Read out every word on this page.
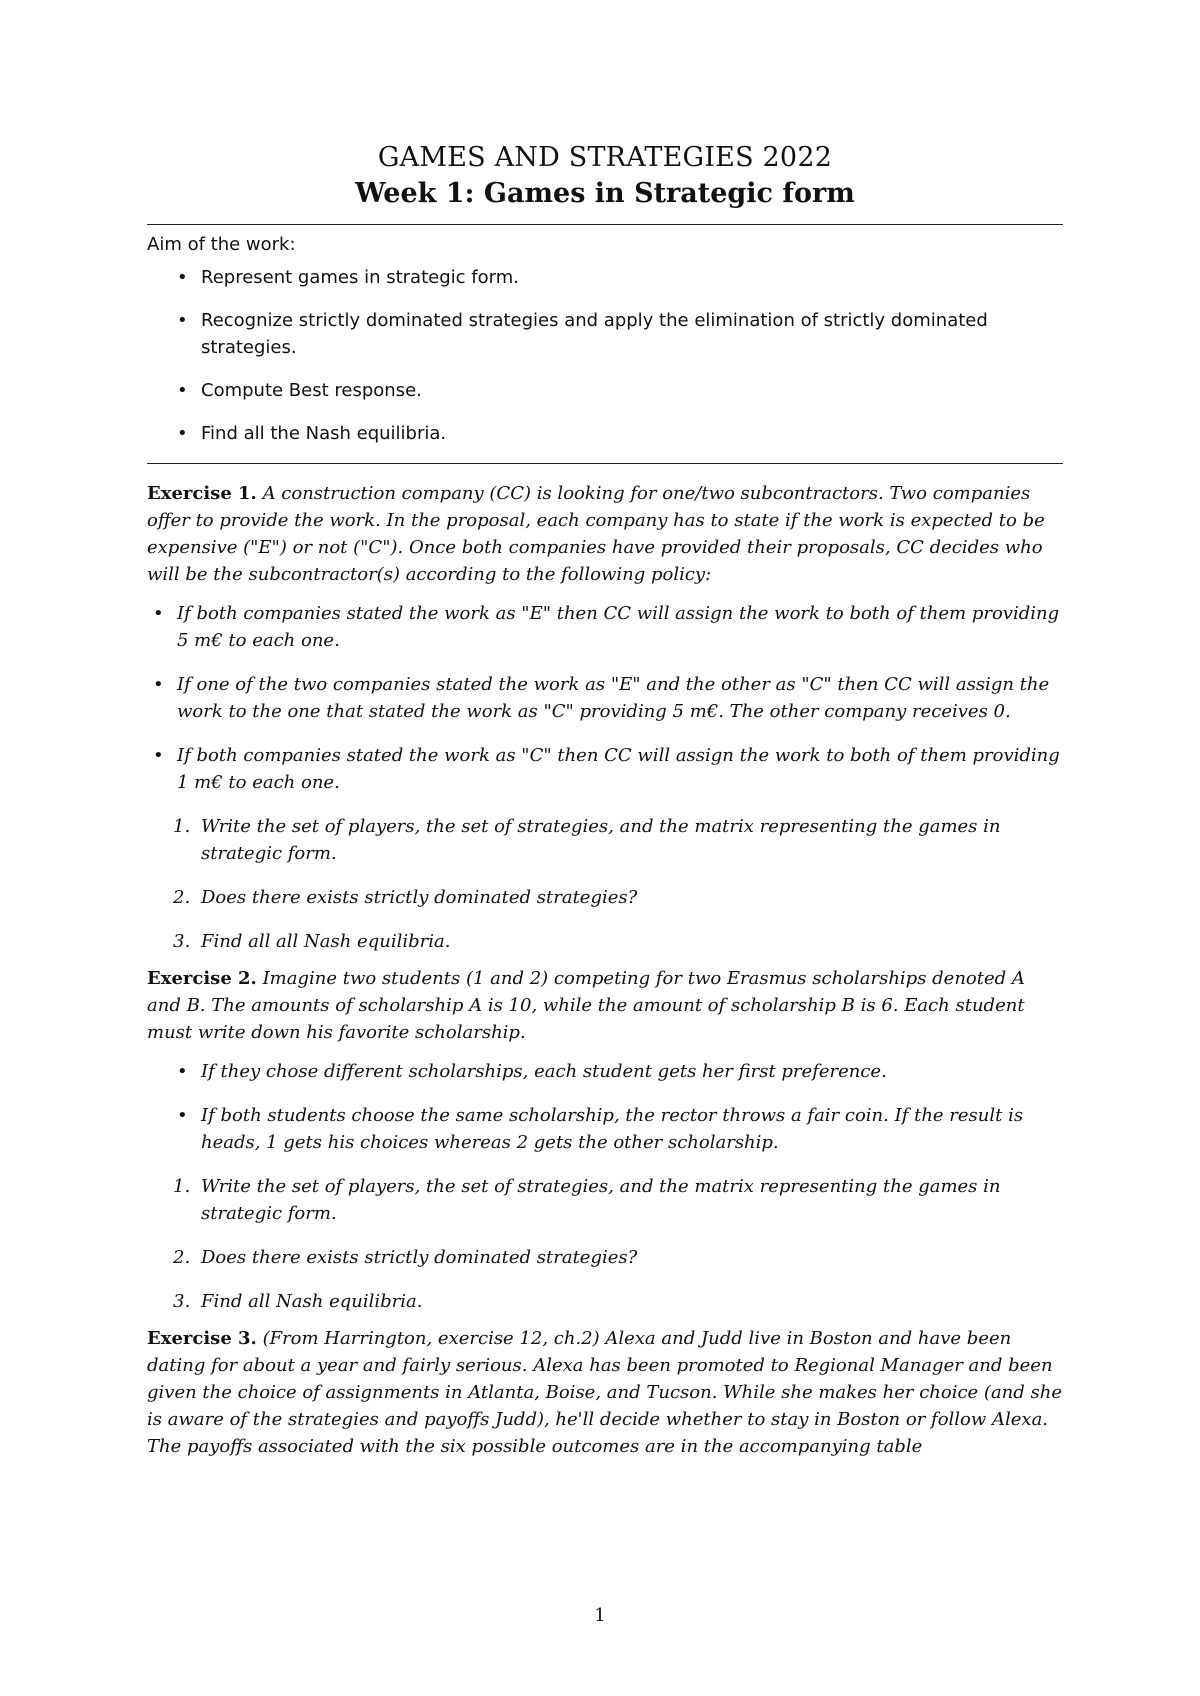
GAMES AND STRATEGIES 2022
Week 1: Games in Strategic form
Aim of the work:
• Represent games in strategic form.
• Recognize strictly dominated strategies and apply the elimination of strictly dominated strategies.
• Compute Best response.
• Find all the Nash equilibria.

Exercise 1. A construction company (CC) is looking for one/two subcontractors. Two companies offer to provide the work. In the proposal, each company has to state if the work is expected to be expensive ("E") or not ("C"). Once both companies have provided their proposals, CC decides who will be the subcontractor(s) according to the following policy:

• If both companies stated the work as "E" then CC will assign the work to both of them providing 5 m€ to each one.
• If one of the two companies stated the work as "E" and the other as "C" then CC will assign the work to the one that stated the work as "C" providing 5 m€. The other company receives 0.
• If both companies stated the work as "C" then CC will assign the work to both of them providing 1 m€ to each one.
1. Write the set of players, the set of strategies, and the matrix representing the games in strategic form.
2. Does there exists strictly dominated strategies?
3. Find all all Nash equilibria.

Exercise 2. Imagine two students (1 and 2) competing for two Erasmus scholarships denoted A and B. The amounts of scholarship A is 10, while the amount of scholarship B is 6. Each student must write down his favorite scholarship.

• If they chose different scholarships, each student gets her first preference.
• If both students choose the same scholarship, the rector throws a fair coin. If the result is heads, 1 gets his choices whereas 2 gets the other scholarship.
1. Write the set of players, the set of strategies, and the matrix representing the games in strategic form.
2. Does there exists strictly dominated strategies?
3. Find all Nash equilibria.

Exercise 3. (From Harrington, exercise 12, ch.2) Alexa and Judd live in Boston and have been dating for about a year and fairly serious. Alexa has been promoted to Regional Manager and been given the choice of assignments in Atlanta, Boise, and Tucson. While she makes her choice (and she is aware of the strategies and payoffs Judd), he'll decide whether to stay in Boston or follow Alexa. The payoffs associated with the six possible outcomes are in the accompanying table

1
